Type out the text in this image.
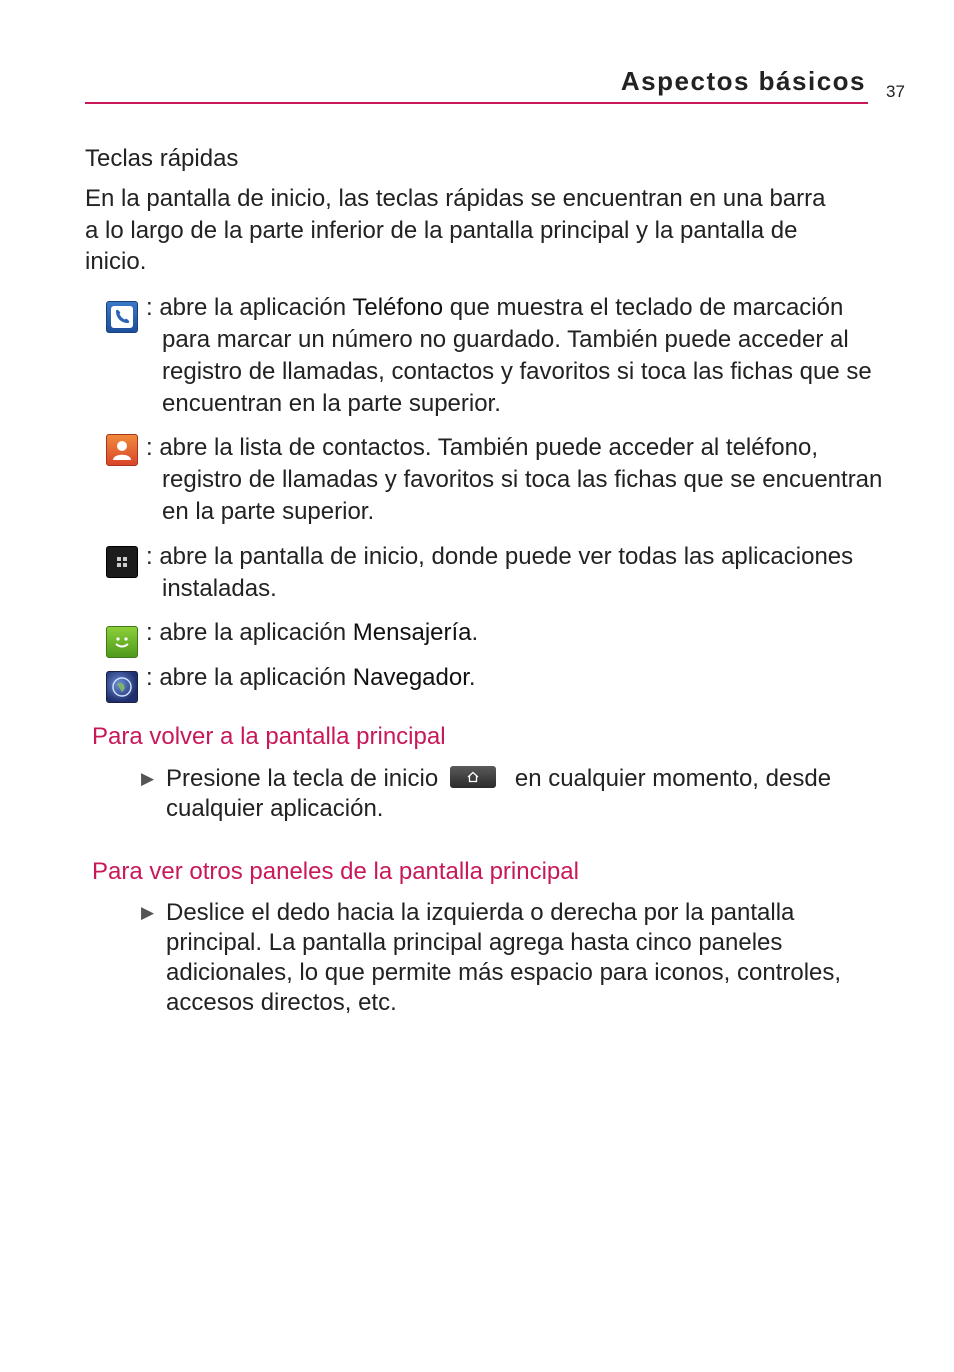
Aspectos básicos 37
Teclas rápidas
En la pantalla de inicio, las teclas rápidas se encuentran en una barra a lo largo de la parte inferior de la pantalla principal y la pantalla de inicio.
: abre la aplicación Teléfono que muestra el teclado de marcación para marcar un número no guardado. También puede acceder al registro de llamadas, contactos y favoritos si toca las fichas que se encuentran en la parte superior.
: abre la lista de contactos. También puede acceder al teléfono, registro de llamadas y favoritos si toca las fichas que se encuentran en la parte superior.
: abre la pantalla de inicio, donde puede ver todas las aplicaciones instaladas.
: abre la aplicación Mensajería.
: abre la aplicación Navegador.
Para volver a la pantalla principal
▶ Presione la tecla de inicio	en cualquier momento, desde cualquier aplicación.
Para ver otros paneles de la pantalla principal
▶ Deslice el dedo hacia la izquierda o derecha por la pantalla principal. La pantalla principal agrega hasta cinco paneles adicionales, lo que permite más espacio para iconos, controles, accesos directos, etc.
